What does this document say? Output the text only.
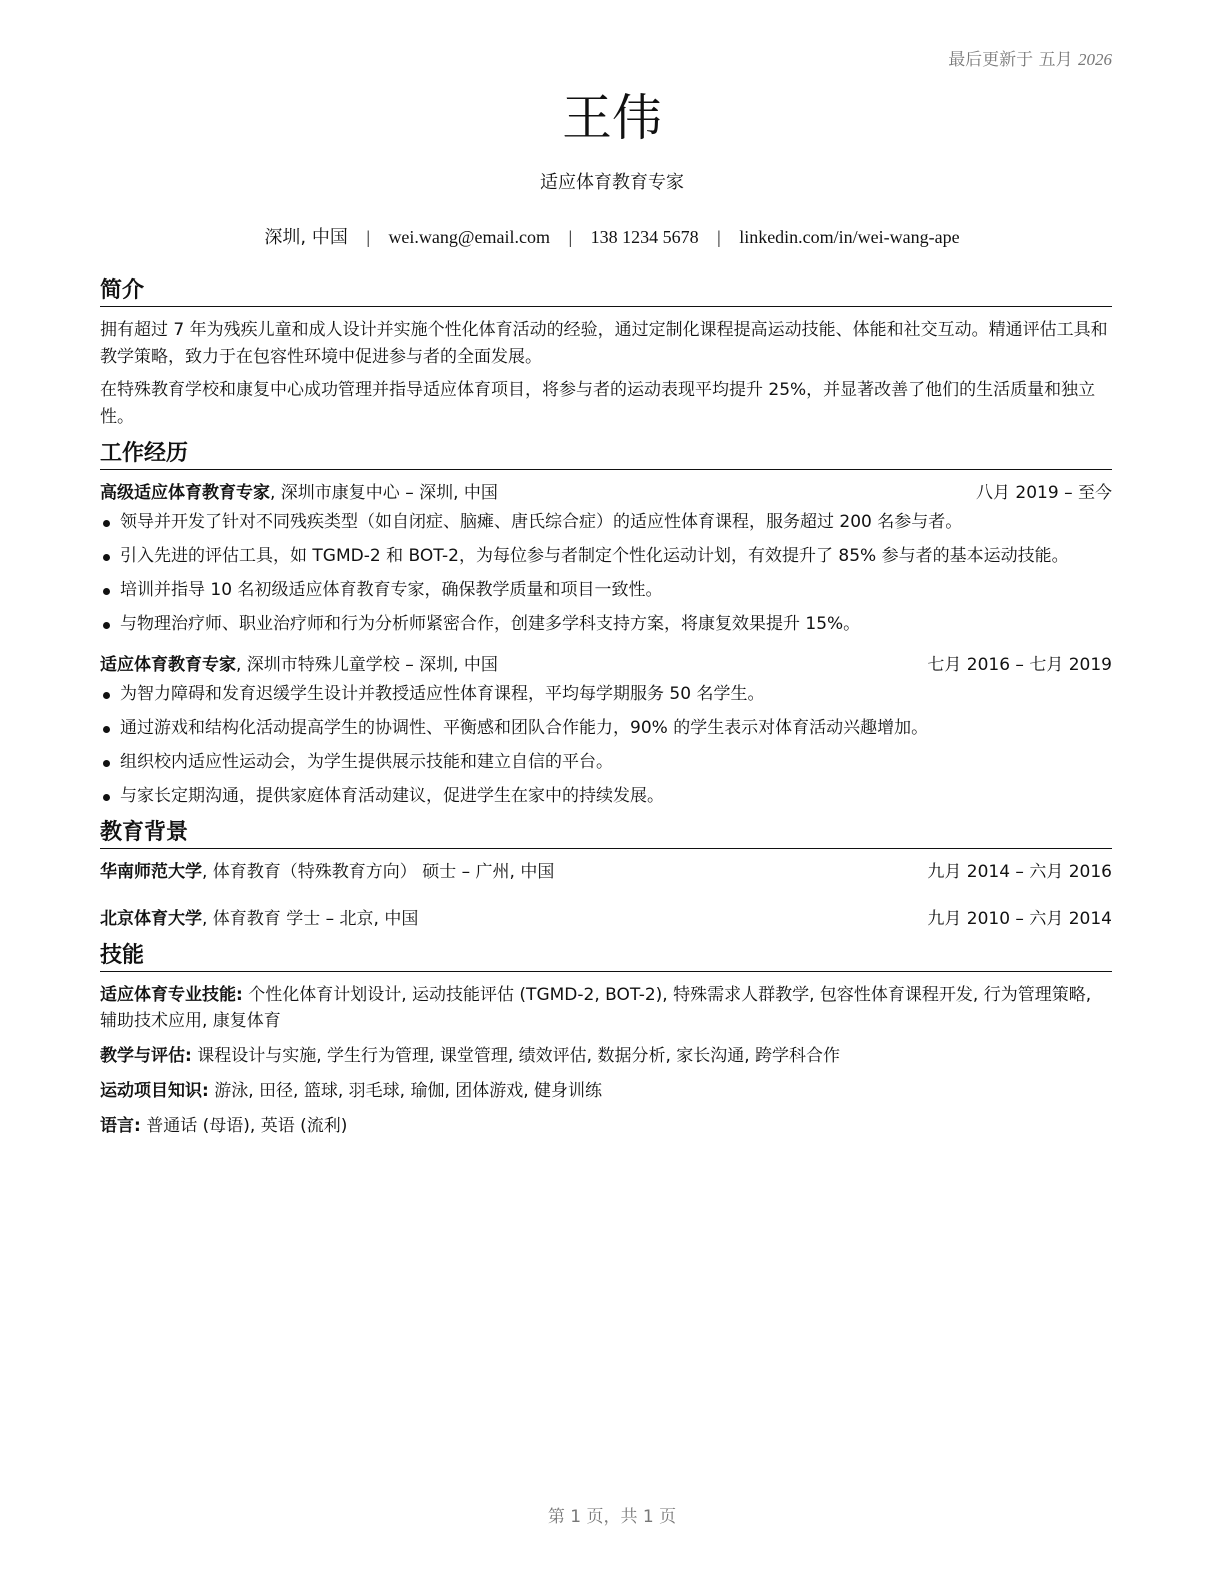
最后更新于 五月 2026
王伟
适应体育教育专家
深圳, 中国 | wei.wang@email.com | 138 1234 5678 | linkedin.com/in/wei-wang-ape
简介

拥有超过 7 年为残疾儿童和成人设计并实施个性化体育活动的经验，通过定制化课程提高运动技能、体能和社交互动。精通评估工具和教学策略，致力于在包容性环境中促进参与者的全面发展。

在特殊教育学校和康复中心成功管理并指导适应体育项目，将参与者的运动表现平均提升 25%，并显著改善了他们的生活质量和独立性。

工作经历
高级适应体育教育专家, 深圳市康复中心 – 深圳, 中国	八月 2019 – 至今
领导并开发了针对不同残疾类型（如自闭症、脑瘫、唐氏综合症）的适应性体育课程，服务超过 200 名参与者。
引入先进的评估工具，如 TGMD-2 和 BOT-2，为每位参与者制定个性化运动计划，有效提升了 85% 参与者的基本运动技能。
培训并指导 10 名初级适应体育教育专家，确保教学质量和项目一致性。
与物理治疗师、职业治疗师和行为分析师紧密合作，创建多学科支持方案，将康复效果提升 15%。
适应体育教育专家, 深圳市特殊儿童学校 – 深圳, 中国	七月 2016 – 七月 2019
为智力障碍和发育迟缓学生设计并教授适应性体育课程，平均每学期服务 50 名学生。
通过游戏和结构化活动提高学生的协调性、平衡感和团队合作能力，90% 的学生表示对体育活动兴趣增加。
组织校内适应性运动会，为学生提供展示技能和建立自信的平台。
与家长定期沟通，提供家庭体育活动建议，促进学生在家中的持续发展。
教育背景
华南师范大学, 体育教育（特殊教育方向） 硕士 – 广州, 中国	九月 2014 – 六月 2016
北京体育大学, 体育教育 学士 – 北京, 中国	九月 2010 – 六月 2014
技能

适应体育专业技能: 个性化体育计划设计, 运动技能评估 (TGMD-2, BOT-2), 特殊需求人群教学, 包容性体育课程开发, 行为管理策略, 辅助技术应用, 康复体育

教学与评估: 课程设计与实施, 学生行为管理, 课堂管理, 绩效评估, 数据分析, 家长沟通, 跨学科合作

运动项目知识: 游泳, 田径, 篮球, 羽毛球, 瑜伽, 团体游戏, 健身训练

语言: 普通话 (母语), 英语 (流利)

第 1 页，共 1 页
